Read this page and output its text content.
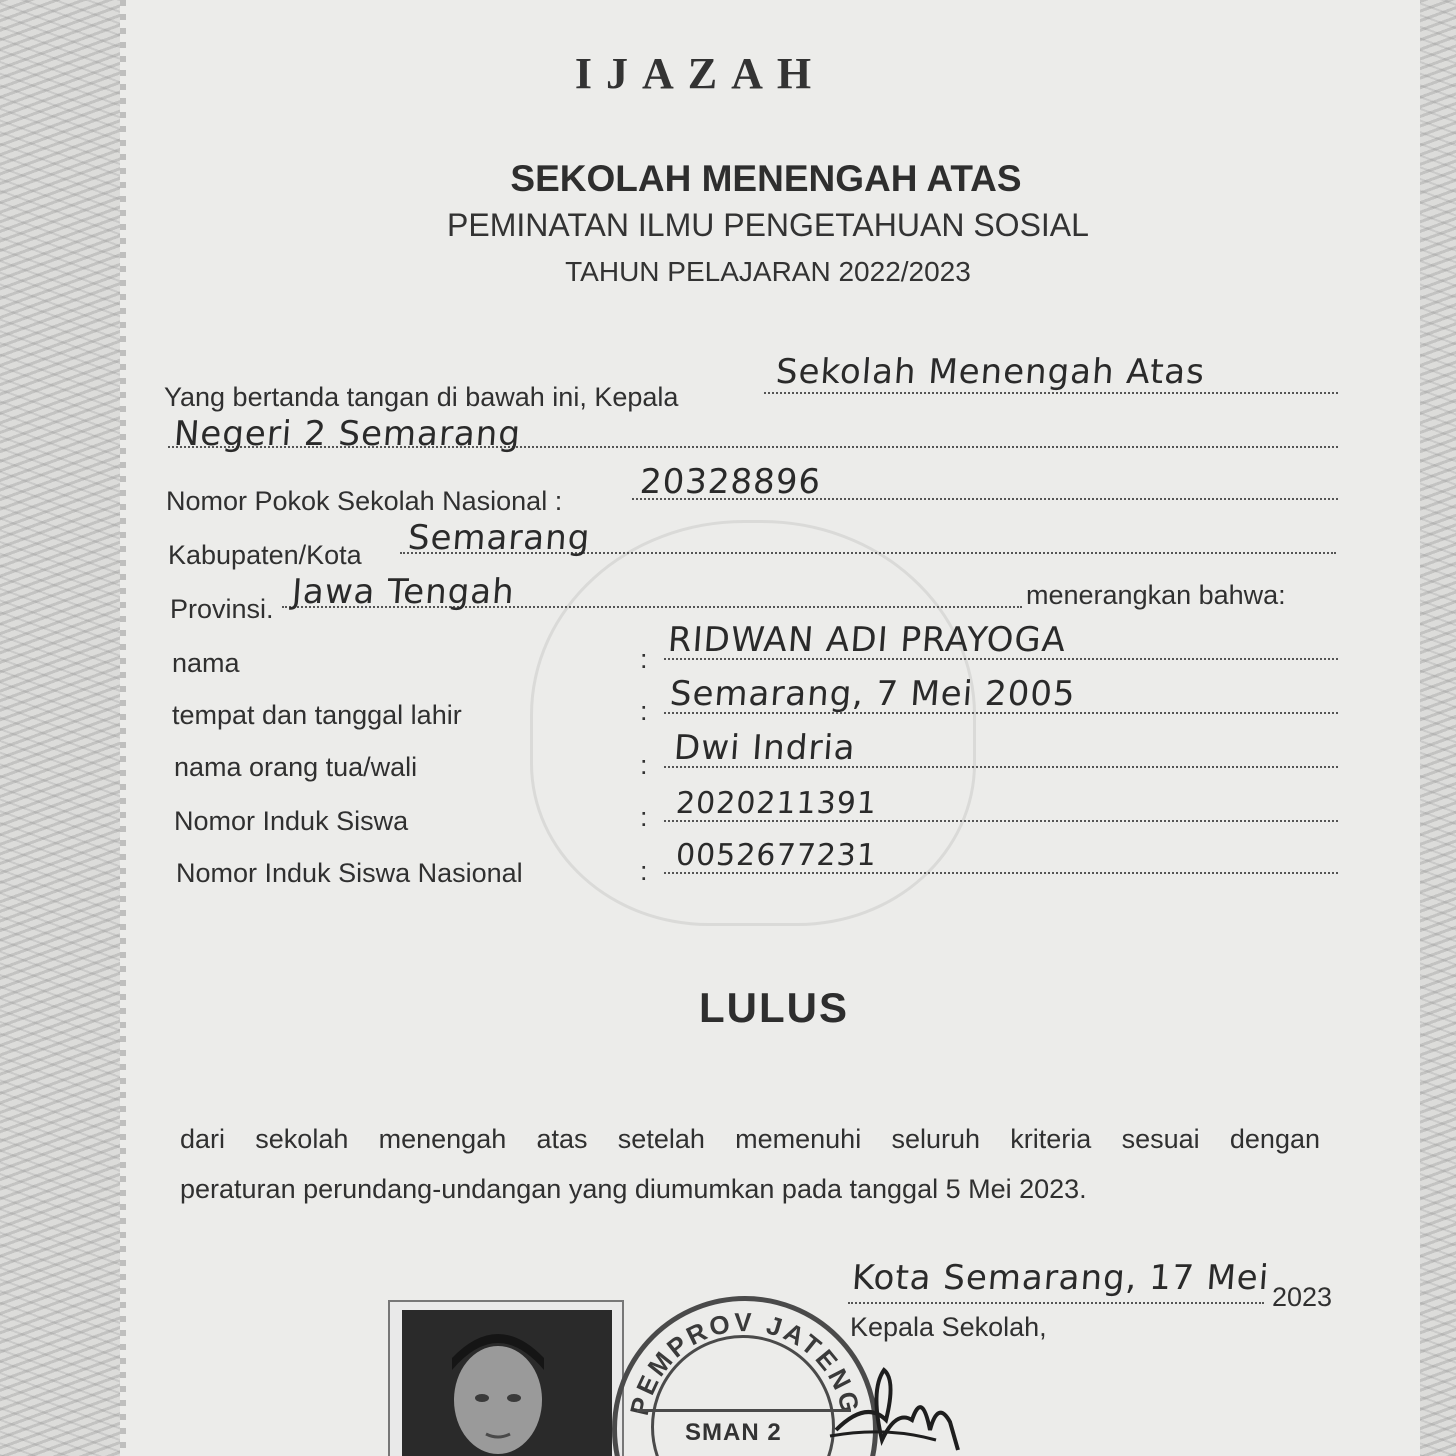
IJAZAH
SEKOLAH MENENGAH ATAS
PEMINATAN ILMU PENGETAHUAN SOSIAL
TAHUN PELAJARAN 2022/2023
Yang bertanda tangan di bawah ini, Kepala
Sekolah Menengah Atas
Negeri 2 Semarang
Nomor Pokok Sekolah Nasional : 20328896
Kabupaten/Kota Semarang
Provinsi. Jawa Tengah	menerangkan bahwa:
nama	: RIDWAN ADI PRAYOGA
tempat dan tanggal lahir	: Semarang, 7 Mei 2005
nama orang tua/wali	: Dwi Indria
Nomor Induk Siswa	: 2020211391
Nomor Induk Siswa Nasional	: 0052677231
LULUS
dari sekolah menengah atas setelah memenuhi seluruh kriteria sesuai dengan
peraturan perundang-undangan yang diumumkan pada tanggal 5 Mei 2023.
Kota Semarang, 17 Mei 2023
Kepala Sekolah,
PEMPROV JATENG
SMAN 2
